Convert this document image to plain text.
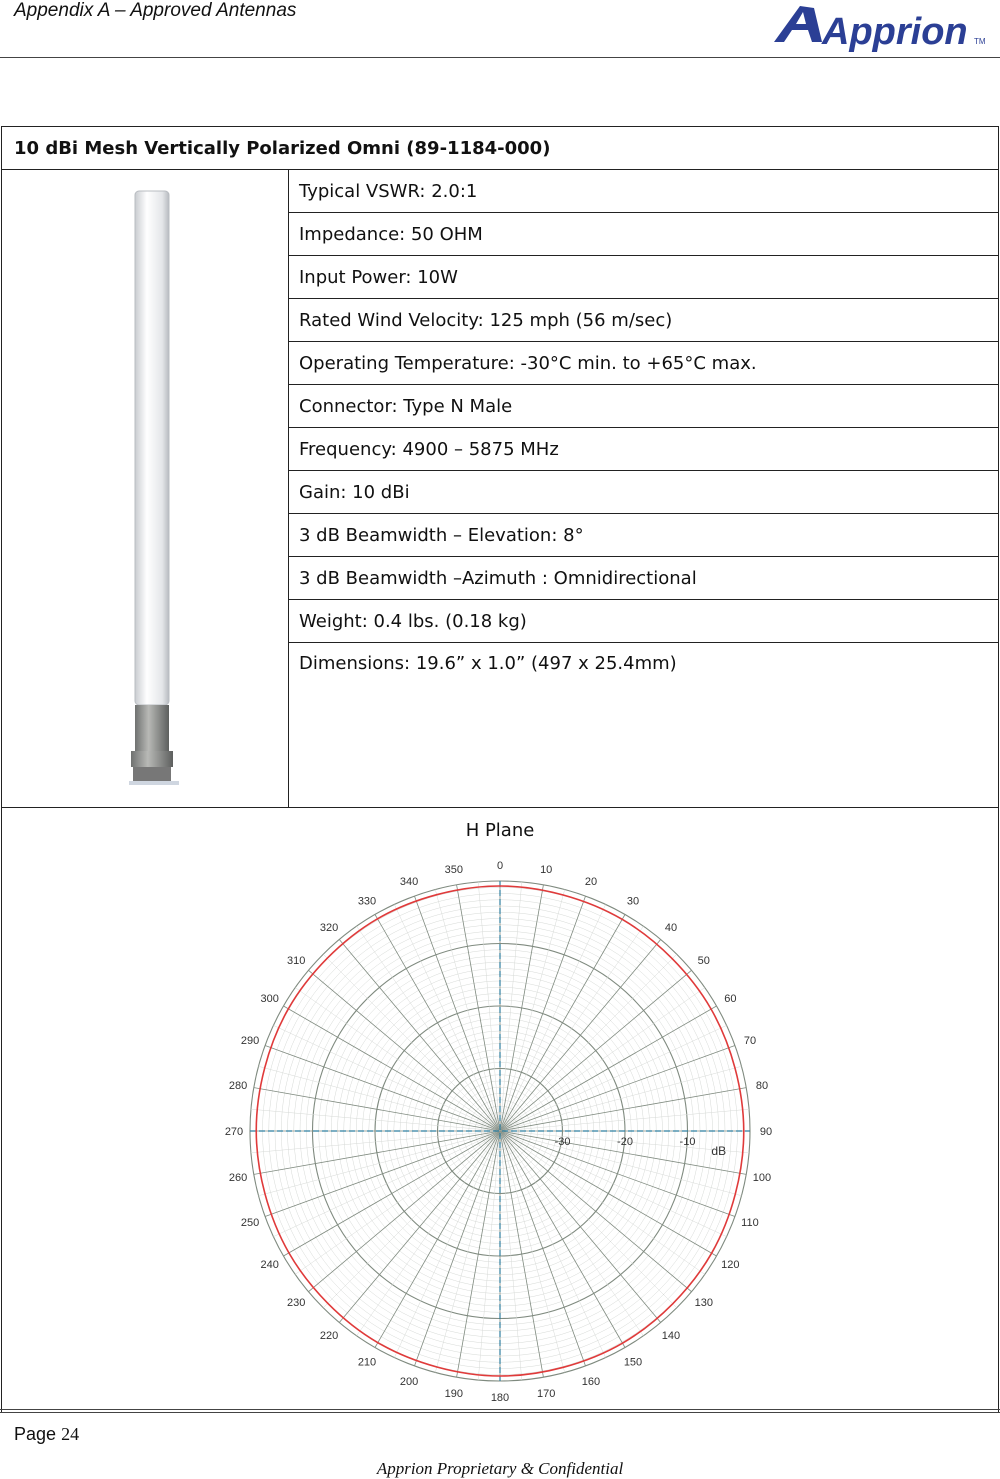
Appendix A – Approved Antennas
Apprion TM
10 dBi Mesh Vertically Polarized Omni (89-1184-000)
	Typical VSWR: 2.0:1
Impedance: 50 OHM
Input Power: 10W
Rated Wind Velocity: 125 mph (56 m/sec)
Operating Temperature: -30°C min. to +65°C max.
Connector: Type N Male
Frequency: 4900 – 5875 MHz
Gain: 10 dBi
3 dB Beamwidth – Elevation: 8°
3 dB Beamwidth –Azimuth : Omnidirectional
Weight: 0.4 lbs. (0.18 kg)
Dimensions: 19.6” x 1.0” (497 x 25.4mm)

H Plane
0	10
20
30
40
50
60
70
80
90
100
110
120
130
140
150
160
170
180
190
200
210
220
230
240
250
260
270
280
290
300
310
320
330
340
350
-30	-20	-10
dB
Page 24
Apprion Proprietary & Confidential
